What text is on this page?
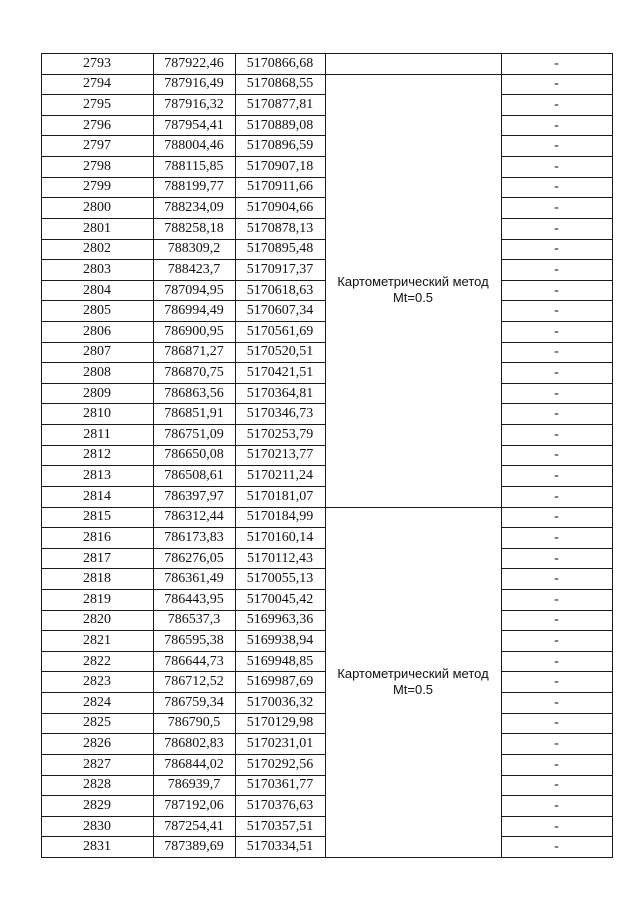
2793	787922,46	5170866,68	-
2794	787916,49	5170868,55	-
2795	787916,32	5170877,81	-
2796	787954,41	5170889,08	-
2797	788004,46	5170896,59	-
2798	788115,85	5170907,18	-
2799	788199,77	5170911,66	-
2800	788234,09	5170904,66	-
2801	788258,18	5170878,13	-
2802	788309,2	5170895,48	-
2803	788423,7	5170917,37	-
2804	787094,95	5170618,63	-
2805	786994,49	5170607,34	-
2806	786900,95	5170561,69	-
2807	786871,27	5170520,51	-
2808	786870,75	5170421,51	-
2809	786863,56	5170364,81	-
2810	786851,91	5170346,73	-
2811	786751,09	5170253,79	-
2812	786650,08	5170213,77	-
2813	786508,61	5170211,24	-
2814	786397,97	5170181,07	-
2815	786312,44	5170184,99	-
2816	786173,83	5170160,14	-
2817	786276,05	5170112,43	-
2818	786361,49	5170055,13	-
2819	786443,95	5170045,42	-
2820	786537,3	5169963,36	-
2821	786595,38	5169938,94	-
2822	786644,73	5169948,85	-
2823	786712,52	5169987,69	-
2824	786759,34	5170036,32	-
2825	786790,5	5170129,98	-
2826	786802,83	5170231,01	-
2827	786844,02	5170292,56	-
2828	786939,7	5170361,77	-
2829	787192,06	5170376,63	-
2830	787254,41	5170357,51	-
2831	787389,69	5170334,51	-
Картометрический метод
Mt=0.5
Картометрический метод
Mt=0.5
